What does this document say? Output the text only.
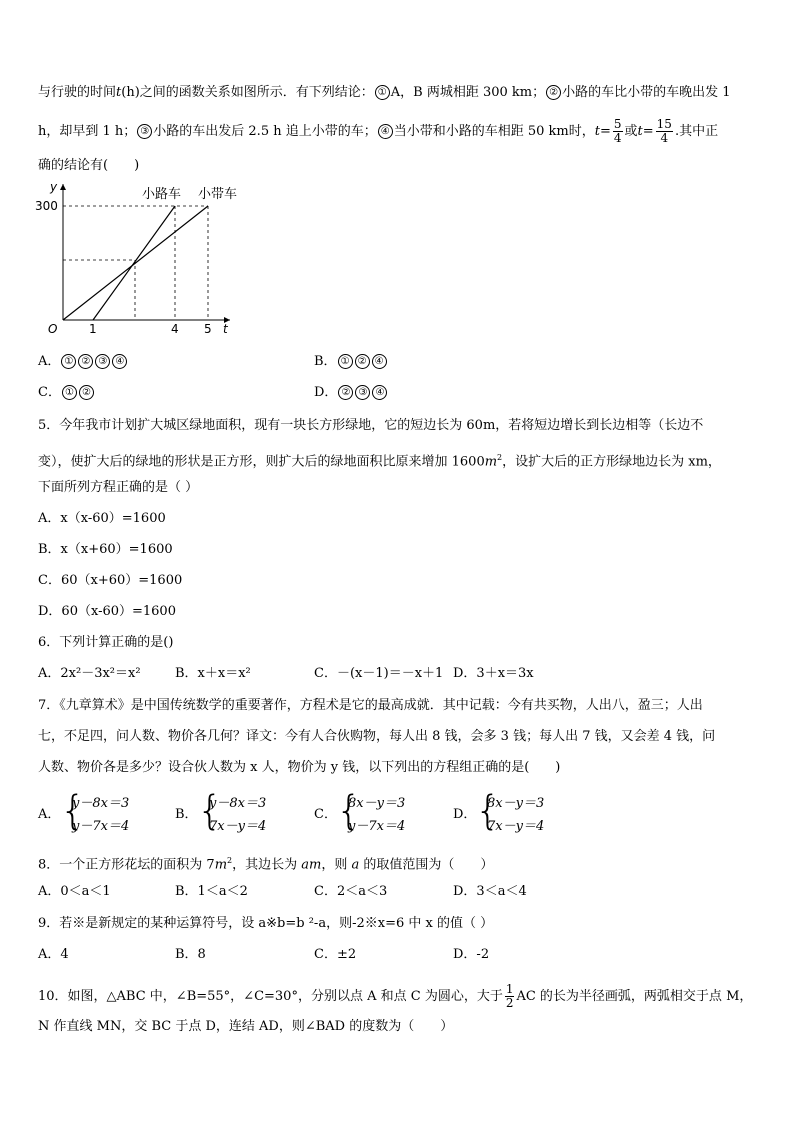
与行驶的时间t(h)之间的函数关系如图所示．有下列结论： ① A，B 两城相距 300 km； ② 小路的车比小带的车晚出发 1
h，却早到 1 h； ③ 小路的车出发后 2.5 h 追上小带的车； ④ 当小带和小路的车相距 50 km时，$t= \frac{5}{4}$ 或$t= \frac{15}{4}$ .其中正
确的结论有(　　)
y
300
O	t
1	4 5
小路车 小带车
A． ① ② ③ ④	B． ① ② ④
C． ① ②	D． ② ③ ④
5．今年我市计划扩大城区绿地面积，现有一块长方形绿地，它的短边长为 60m，若将短边增长到长边相等（长边不
变），使扩大后的绿地的形状是正方形，则扩大后的绿地面积比原来增加 $1600m^2$，设扩大后的正方形绿地边长为 xm，
下面所列方程正确的是（ ）
A．x（x-60）=1600
B．x（x+60）=1600
C．60（x+60）=1600
D．60（x-60）=1600
6．下列计算正确的是()
A．2x²－3x²＝x²	B．x＋x＝x²	C．－(x－1)＝－x＋1 D．3＋x＝3x
7．《九章算术》是中国传统数学的重要著作，方程术是它的最高成就．其中记载：今有共买物，人出八，盈三；人出
七，不足四，问人数、物价各几何？译文：今有人合伙购物，每人出 8 钱，会多 3 钱；每人出 7 钱，又会差 4 钱，问
人数、物价各是多少？设合伙人数为 x 人，物价为 y 钱，以下列出的方程组正确的是(　　)
A． {
y－8x＝3
y－7x＝4
B． {
y－8x＝3
7x－y＝4
C． {
8x－y＝3
y－7x＝4
D．
{
8x－y＝3
7x－y＝4
8．一个正方形花坛的面积为 $7m^2$，其边长为 am，则 a 的取值范围为（　　）
A．0＜a＜1	B．1＜a＜2	C．2＜a＜3	D．3＜a＜4
9．若※是新规定的某种运算符号，设 a※b=b ²-a，则-2※x=6 中 x 的值（ ）
A．4	B．8	C．±2	D．-2
10．如图，△ABC 中，∠B=55°，∠C=30°，分别以点 A 和点 C 为圆心，大于 $\frac{1}{2}$ AC 的长为半径画弧，两弧相交于点 M，
N 作直线 MN，交 BC 于点 D，连结 AD，则∠BAD 的度数为（　　）
